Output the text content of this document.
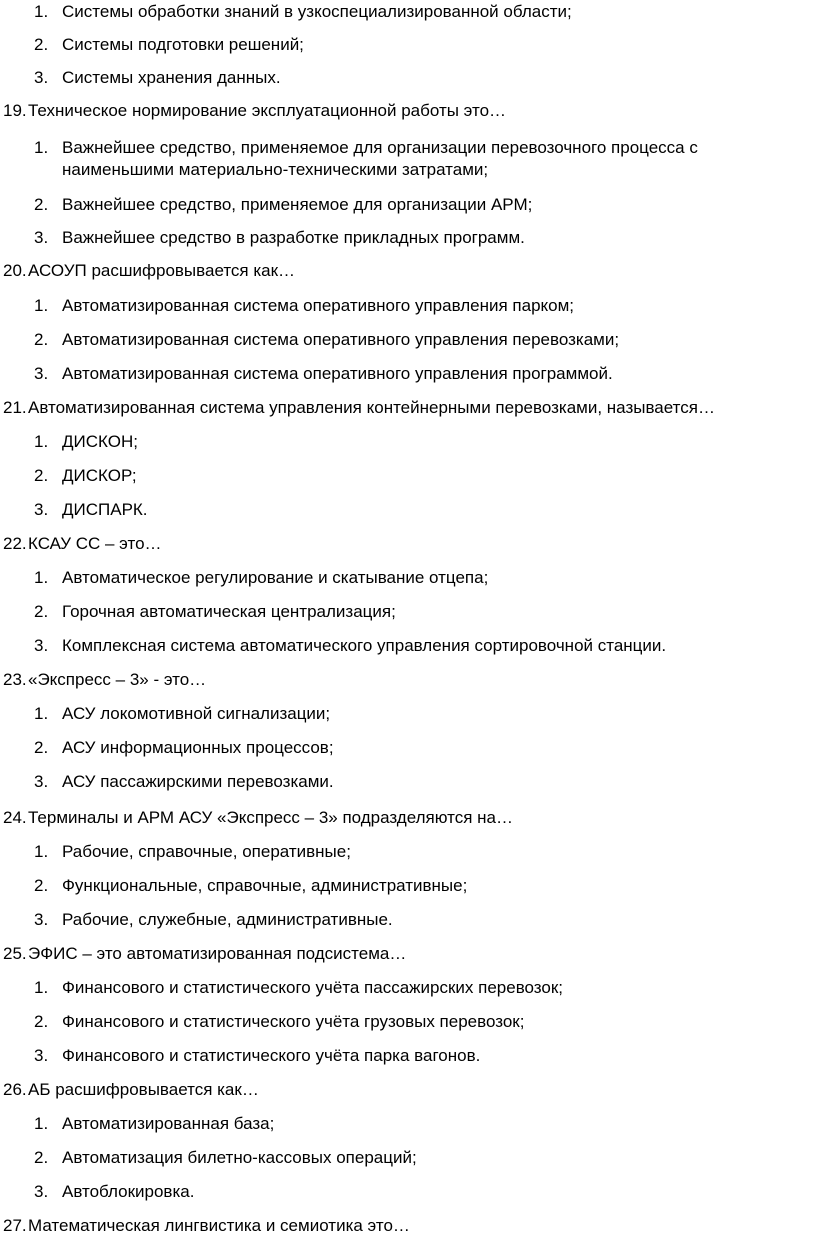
1. Системы обработки знаний в узкоспециализированной области;
2. Системы подготовки решений;
3. Системы хранения данных.
19. Техническое нормирование эксплуатационной работы это…
1. Важнейшее средство, применяемое для организации перевозочного процесса с
наименьшими материально-техническими затратами;
2. Важнейшее средство, применяемое для организации АРМ;
3. Важнейшее средство в разработке прикладных программ.
20. АСОУП расшифровывается как…
1. Автоматизированная система оперативного управления парком;
2. Автоматизированная система оперативного управления перевозками;
3. Автоматизированная система оперативного управления программой.
21. Автоматизированная система управления контейнерными перевозками, называется…
1. ДИСКОН;
2. ДИСКОР;
3. ДИСПАРК.
22. КСАУ СС – это…
1. Автоматическое регулирование и скатывание отцепа;
2. Горочная автоматическая централизация;
3. Комплексная система автоматического управления сортировочной станции.
23. «Экспресс – 3» - это…
1. АСУ локомотивной сигнализации;
2. АСУ информационных процессов;
3. АСУ пассажирскими перевозками.
24. Терминалы и АРМ АСУ «Экспресс – 3» подразделяются на…
1. Рабочие, справочные, оперативные;
2. Функциональные, справочные, административные;
3. Рабочие, служебные, административные.
25. ЭФИС – это автоматизированная подсистема…
1. Финансового и статистического учёта пассажирских перевозок;
2. Финансового и статистического учёта грузовых перевозок;
3. Финансового и статистического учёта парка вагонов.
26. АБ расшифровывается как…
1. Автоматизированная база;
2. Автоматизация билетно-кассовых операций;
3. Автоблокировка.
27. Математическая лингвистика и семиотика это…
